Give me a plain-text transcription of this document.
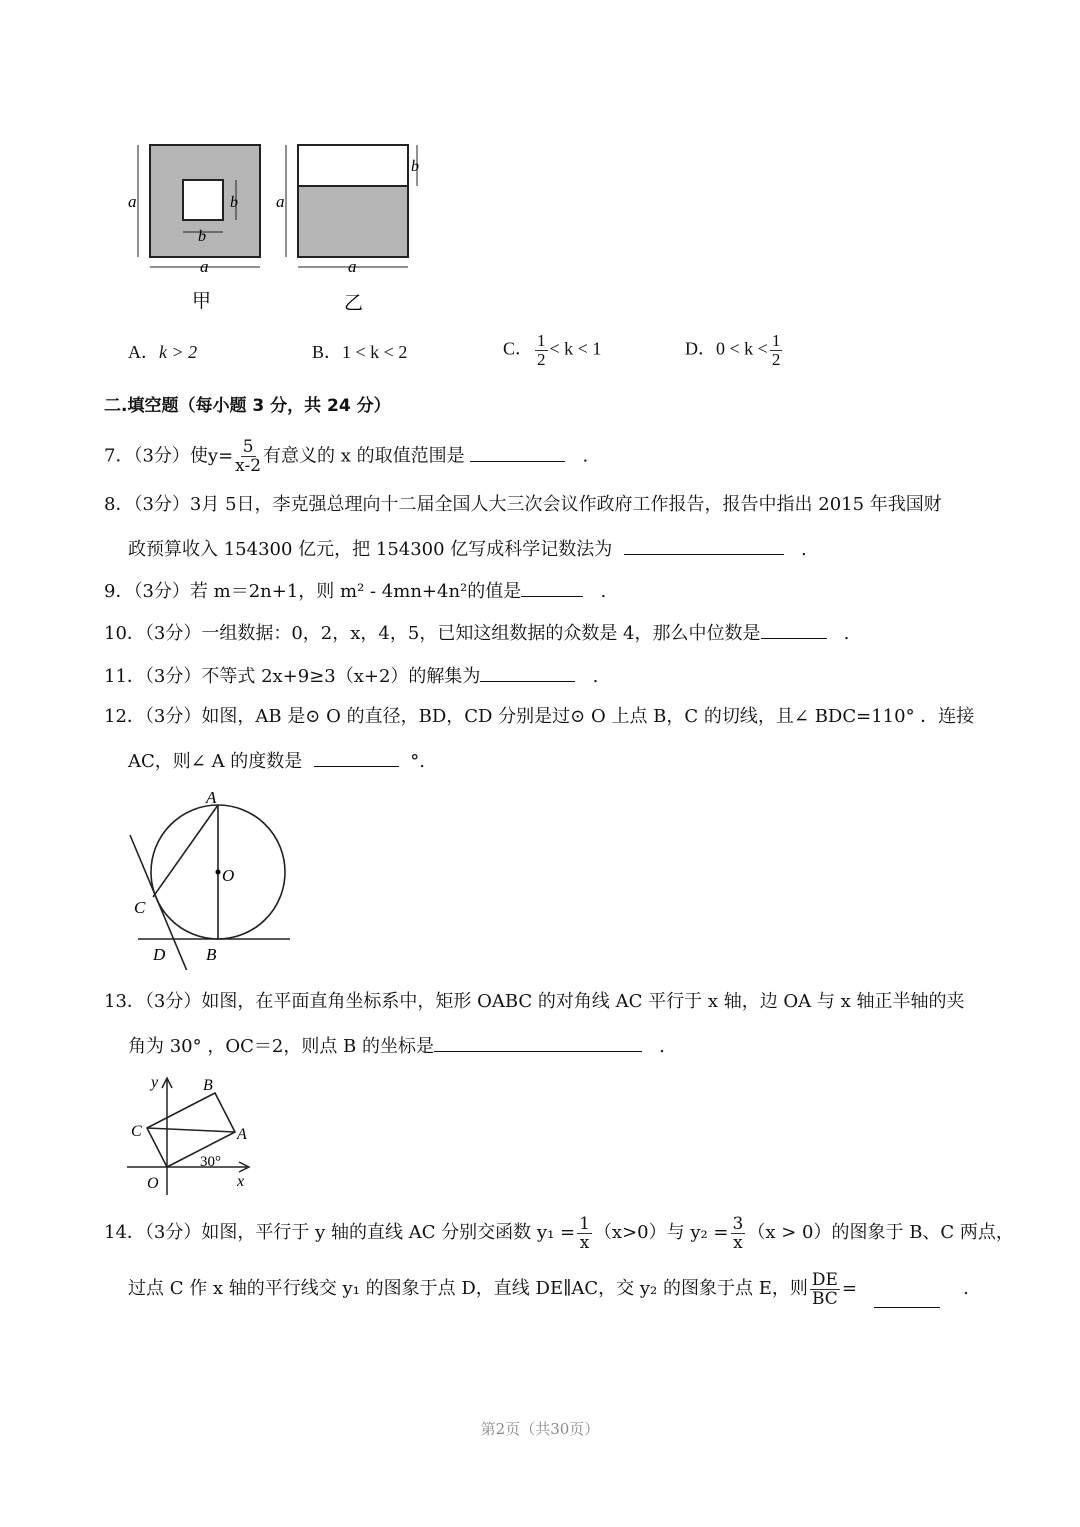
a
a
b
b
甲
a
a
b
乙
A．k > 2	B．1 < k < 2	C． $\frac{1}{2} < k < 1$	D．$0 < k < \frac{1}{2}$
二.填空题（每小题 3 分，共 24 分）
7．（3分）使$y= \frac{5}{x-2}$ 有意义的 x 的取值范围是	.
8．（3分）3月 5日，李克强总理向十二届全国人大三次会议作政府工作报告，报告中指出 2015 年我国财
政预算收入 154300 亿元，把 154300 亿写成科学记数法为	.
9．（3分）若 m＝2n+1，则 m² - 4mn+4n²的值是	.
10．（3分）一组数据：0，2，x，4，5，已知这组数据的众数是 4，那么中位数是	.
11．（3分）不等式 2x+9≥3（x+2）的解集为	.
12．（3分）如图，AB 是⊙ O 的直径，BD，CD 分别是过⊙ O 上点 B，C 的切线，且∠ BDC=110° ．连接
AC，则∠ A 的度数是	°.
A
O
C
D B
13．（3分）如图，在平面直角坐标系中，矩形 OABC 的对角线 AC 平行于 x 轴，边 OA 与 x 轴正半轴的夹
角为 30° ，OC＝2，则点 B 的坐标是	.
y
x
O
A
B
C
30°
14．（3分）如图，平行于 y 轴的直线 AC 分别交函数 $y_1 = \frac{1}{x} (x>0)$与 $y_2 = \frac{3}{x} (x > 0)$的图象于 B、C 两点，
过点 C 作 x 轴的平行线交 y₁ 的图象于点 D，直线 DE∥AC，交 y₂ 的图象于点 E，则 $\frac{DE}{BC}$ =	.
第2页（共30页）
